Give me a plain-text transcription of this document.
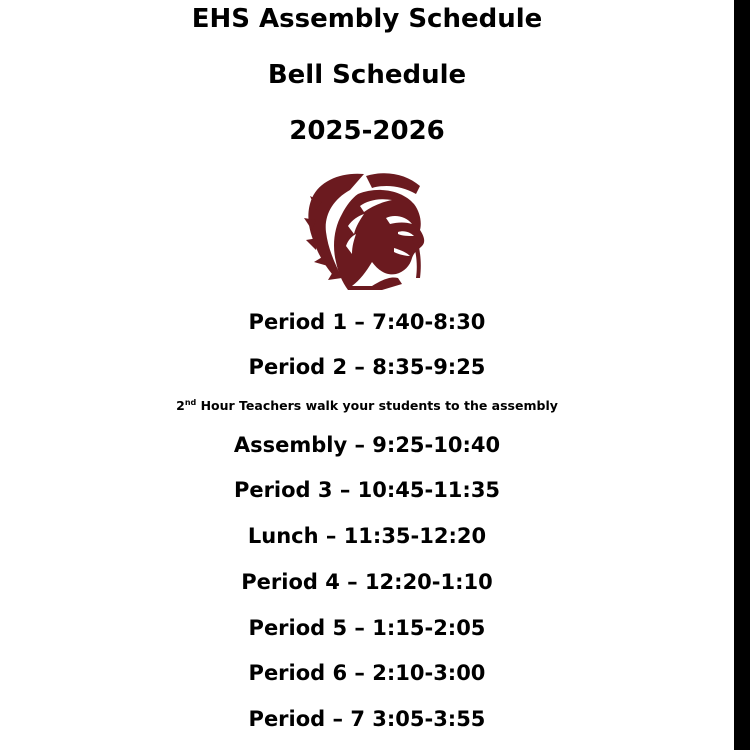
EHS Assembly Schedule
Bell Schedule
2025-2026
Period 1 – 7:40-8:30
Period 2 – 8:35-9:25
2nd Hour Teachers walk your students to the assembly
Assembly – 9:25-10:40
Period 3 – 10:45-11:35
Lunch – 11:35-12:20
Period 4 – 12:20-1:10
Period 5 – 1:15-2:05
Period 6 – 2:10-3:00
Period – 7 3:05-3:55
